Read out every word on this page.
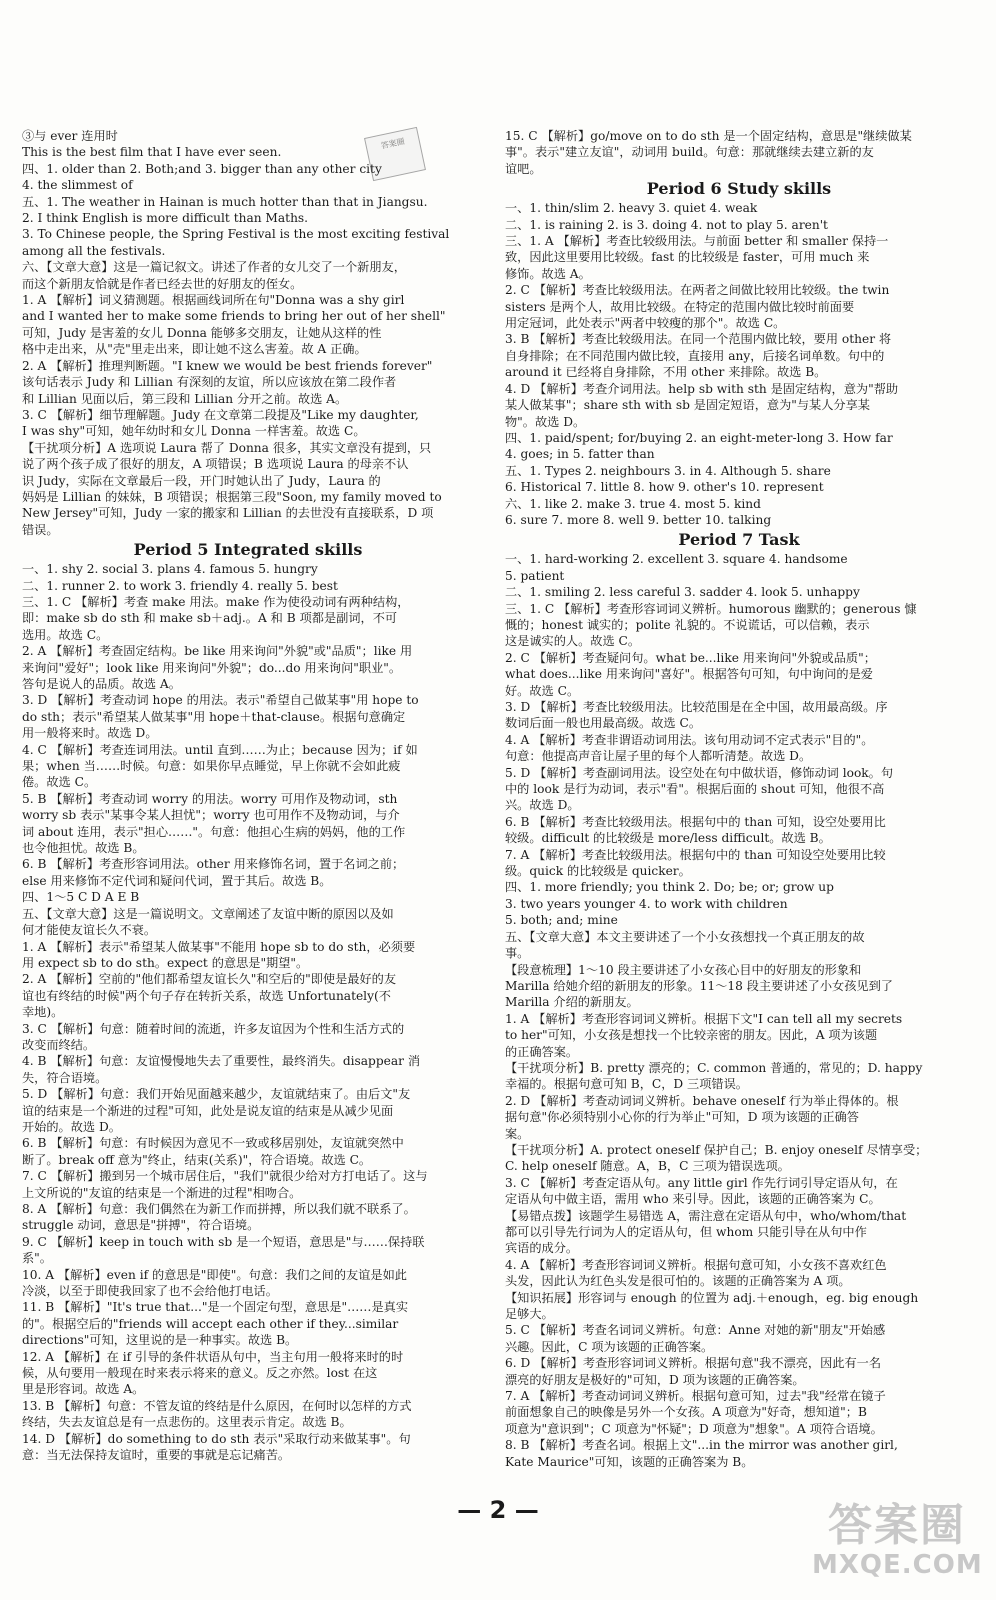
答案圈
③与 ever 连用时
This is the best film that I have ever seen.
四、1. older than 2. Both;and 3. bigger than any other city
4. the slimmest of
五、1. The weather in Hainan is much hotter than that in Jiangsu.
2. I think English is more difficult than Maths.
3. To Chinese people, the Spring Festival is the most exciting festival
among all the festivals.
六、【文章大意】这是一篇记叙文。讲述了作者的女儿交了一个新朋友，
而这个新朋友恰就是作者已经去世的好朋友的侄女。
1. A 【解析】词义猜测题。根据画线词所在句"Donna was a shy girl
and I wanted her to make some friends to bring her out of her shell"
可知，Judy 是害羞的女儿 Donna 能够多交朋友，让她从这样的性
格中走出来，从"壳"里走出来，即让她不这么害羞。故 A 正确。
2. A 【解析】推理判断题。"I knew we would be best friends forever"
该句话表示 Judy 和 Lillian 有深刻的友谊，所以应该放在第二段作者
和 Lillian 见面以后，第三段和 Lillian 分开之前。故选 A。
3. C 【解析】细节理解题。Judy 在文章第二段提及"Like my daughter,
I was shy"可知，她年幼时和女儿 Donna 一样害羞。故选 C。
【干扰项分析】A 选项说 Laura 帮了 Donna 很多，其实文章没有提到，只
说了两个孩子成了很好的朋友，A 项错误；B 选项说 Laura 的母亲不认
识 Judy，实际在文章最后一段，开门时她认出了 Judy，Laura 的
妈妈是 Lillian 的妹妹，B 项错误；根据第三段"Soon, my family moved to
New Jersey"可知，Judy 一家的搬家和 Lillian 的去世没有直接联系，D 项
错误。
Period 5 Integrated skills
一、1. shy 2. social 3. plans 4. famous 5. hungry
二、1. runner 2. to work 3. friendly 4. really 5. best
三、1. C 【解析】考查 make 用法。make 作为使役动词有两种结构，
即：make sb do sth 和 make sb＋adj.。A 和 B 项都是副词，不可
选用。故选 C。
2. A 【解析】考查固定结构。be like 用来询问"外貌"或"品质"；like 用
来询问"爱好"；look like 用来询问"外貌"；do...do 用来询问"职业"。
答句是说人的品质。故选 A。
3. D 【解析】考查动词 hope 的用法。表示"希望自己做某事"用 hope to
do sth；表示"希望某人做某事"用 hope＋that-clause。根据句意确定
用一般将来时。故选 D。
4. C 【解析】考查连词用法。until 直到……为止；because 因为；if 如
果；when 当……时候。句意：如果你早点睡觉，早上你就不会如此疲
倦。故选 C。
5. B 【解析】考查动词 worry 的用法。worry 可用作及物动词，sth
worry sb 表示"某事令某人担忧"；worry 也可用作不及物动词，与介
词 about 连用，表示"担心……"。句意：他担心生病的妈妈，他的工作
也令他担忧。故选 B。
6. B 【解析】考查形容词用法。other 用来修饰名词，置于名词之前；
else 用来修饰不定代词和疑问代词，置于其后。故选 B。
四、1～5 C D A E B
五、【文章大意】这是一篇说明文。文章阐述了友谊中断的原因以及如
何才能使友谊长久不衰。
1. A 【解析】表示"希望某人做某事"不能用 hope sb to do sth，必须要
用 expect sb to do sth。expect 的意思是"期望"。
2. A 【解析】空前的"他们都希望友谊长久"和空后的"即使是最好的友
谊也有终结的时候"两个句子存在转折关系，故选 Unfortunately(不
幸地)。
3. C 【解析】句意：随着时间的流逝，许多友谊因为个性和生活方式的
改变而终结。
4. B 【解析】句意：友谊慢慢地失去了重要性，最终消失。disappear 消
失，符合语境。
5. D 【解析】句意：我们开始见面越来越少，友谊就结束了。由后文"友
谊的结束是一个渐进的过程"可知，此处是说友谊的结束是从减少见面
开始的。故选 D。
6. B 【解析】句意：有时候因为意见不一致或移居别处，友谊就突然中
断了。break off 意为"终止，结束(关系)"，符合语境。故选 C。
7. C 【解析】搬到另一个城市居住后，"我们"就很少给对方打电话了。这与
上文所说的"友谊的结束是一个渐进的过程"相吻合。
8. A 【解析】句意：我们偶然在为新工作而拼搏，所以我们就不联系了。
struggle 动词，意思是"拼搏"，符合语境。
9. C 【解析】keep in touch with sb 是一个短语，意思是"与……保持联
系"。
10. A 【解析】even if 的意思是"即使"。句意：我们之间的友谊是如此
冷淡，以至于即使我回家了也不会给他打电话。
11. B 【解析】"It's true that..."是一个固定句型，意思是"……是真实
的"。根据空后的"friends will accept each other if they...similar
directions"可知，这里说的是一种事实。故选 B。
12. A 【解析】在 if 引导的条件状语从句中，当主句用一般将来时的时
候，从句要用一般现在时来表示将来的意义。反之亦然。lost 在这
里是形容词。故选 A。
13. B 【解析】句意：不管友谊的终结是什么原因，在何时以怎样的方式
终结，失去友谊总是有一点悲伤的。这里表示肯定。故选 B。
14. D 【解析】do something to do sth 表示"采取行动来做某事"。句
意：当无法保持友谊时，重要的事就是忘记痛苦。
15. C 【解析】go/move on to do sth 是一个固定结构，意思是"继续做某
事"。表示"建立友谊"，动词用 build。句意：那就继续去建立新的友
谊吧。
Period 6 Study skills
一、1. thin/slim 2. heavy 3. quiet 4. weak
二、1. is raining 2. is 3. doing 4. not to play 5. aren't
三、1. A 【解析】考查比较级用法。与前面 better 和 smaller 保持一
致，因此这里要用比较级。fast 的比较级是 faster，可用 much 来
修饰。故选 A。
2. C 【解析】考查比较级用法。在两者之间做比较用比较级。the twin
sisters 是两个人，故用比较级。在特定的范围内做比较时前面要
用定冠词，此处表示"两者中较瘦的那个"。故选 C。
3. B 【解析】考查比较级用法。在同一个范围内做比较，要用 other 将
自身排除；在不同范围内做比较，直接用 any，后接名词单数。句中的
around it 已经将自身排除，不用 other 来排除。故选 B。
4. D 【解析】考查介词用法。help sb with sth 是固定结构，意为"帮助
某人做某事"；share sth with sb 是固定短语，意为"与某人分享某
物"。故选 D。
四、1. paid/spent; for/buying 2. an eight-meter-long 3. How far
4. goes; in 5. fatter than
五、1. Types 2. neighbours 3. in 4. Although 5. share
6. Historical 7. little 8. how 9. other's 10. represent
六、1. like 2. make 3. true 4. most 5. kind
6. sure 7. more 8. well 9. better 10. talking
Period 7 Task
一、1. hard-working 2. excellent 3. square 4. handsome
5. patient
二、1. smiling 2. less careful 3. sadder 4. look 5. unhappy
三、1. C 【解析】考查形容词词义辨析。humorous 幽默的；generous 慷
慨的；honest 诚实的；polite 礼貌的。不说谎话，可以信赖，表示
这是诚实的人。故选 C。
2. C 【解析】考查疑问句。what be...like 用来询问"外貌或品质"；
what does...like 用来询问"喜好"。根据答句可知，句中询问的是爱
好。故选 C。
3. D 【解析】考查比较级用法。比较范围是在全中国，故用最高级。序
数词后面一般也用最高级。故选 C。
4. A 【解析】考查非谓语动词用法。该句用动词不定式表示"目的"。
句意：他提高声音让屋子里的每个人都听清楚。故选 D。
5. D 【解析】考查副词用法。设空处在句中做状语，修饰动词 look。句
中的 look 是行为动词，表示"看"。根据后面的 shout 可知，他很不高
兴。故选 D。
6. B 【解析】考查比较级用法。根据句中的 than 可知，设空处要用比
较级。difficult 的比较级是 more/less difficult。故选 B。
7. A 【解析】考查比较级用法。根据句中的 than 可知设空处要用比较
级。quick 的比较级是 quicker。
四、1. more friendly; you think 2. Do; be; or; grow up
3. two years younger 4. to work with children
5. both; and; mine
五、【文章大意】本文主要讲述了一个小女孩想找一个真正朋友的故
事。
【段意梳理】1～10 段主要讲述了小女孩心目中的好朋友的形象和
Marilla 给她介绍的新朋友的形象。11～18 段主要讲述了小女孩见到了
Marilla 介绍的新朋友。
1. A 【解析】考查形容词词义辨析。根据下文"I can tell all my secrets
to her"可知，小女孩是想找一个比较亲密的朋友。因此，A 项为该题
的正确答案。
【干扰项分析】B. pretty 漂亮的；C. common 普通的，常见的；D. happy
幸福的。根据句意可知 B，C，D 三项错误。
2. D 【解析】考查动词词义辨析。behave oneself 行为举止得体的。根
据句意"你必须特别小心你的行为举止"可知，D 项为该题的正确答
案。
【干扰项分析】A. protect oneself 保护自己；B. enjoy oneself 尽情享受；
C. help oneself 随意。A，B，C 三项为错误选项。
3. C 【解析】考查定语从句。any little girl 作先行词引导定语从句，在
定语从句中做主语，需用 who 来引导。因此，该题的正确答案为 C。
【易错点拨】该题学生易错选 A，需注意在定语从句中，who/whom/that
都可以引导先行词为人的定语从句，但 whom 只能引导在从句中作
宾语的成分。
4. A 【解析】考查形容词词义辨析。根据句意可知，小女孩不喜欢红色
头发，因此认为红色头发是很可怕的。该题的正确答案为 A 项。
【知识拓展】形容词与 enough 的位置为 adj.＋enough，eg. big enough
足够大。
5. C 【解析】考查名词词义辨析。句意：Anne 对她的新"朋友"开始感
兴趣。因此，C 项为该题的正确答案。
6. D 【解析】考查形容词词义辨析。根据句意"我不漂亮，因此有一名
漂亮的好朋友是极好的"可知，D 项为该题的正确答案。
7. A 【解析】考查动词词义辨析。根据句意可知，过去"我"经常在镜子
前面想象自己的映像是另外一个女孩。A 项意为"好奇，想知道"；B
项意为"意识到"；C 项意为"怀疑"；D 项意为"想象"。A 项符合语境。
8. B 【解析】考查名词。根据上文"...in the mirror was another girl,
Kate Maurice"可知，该题的正确答案为 B。
— 2 —	答案圈
MXQE.COM
